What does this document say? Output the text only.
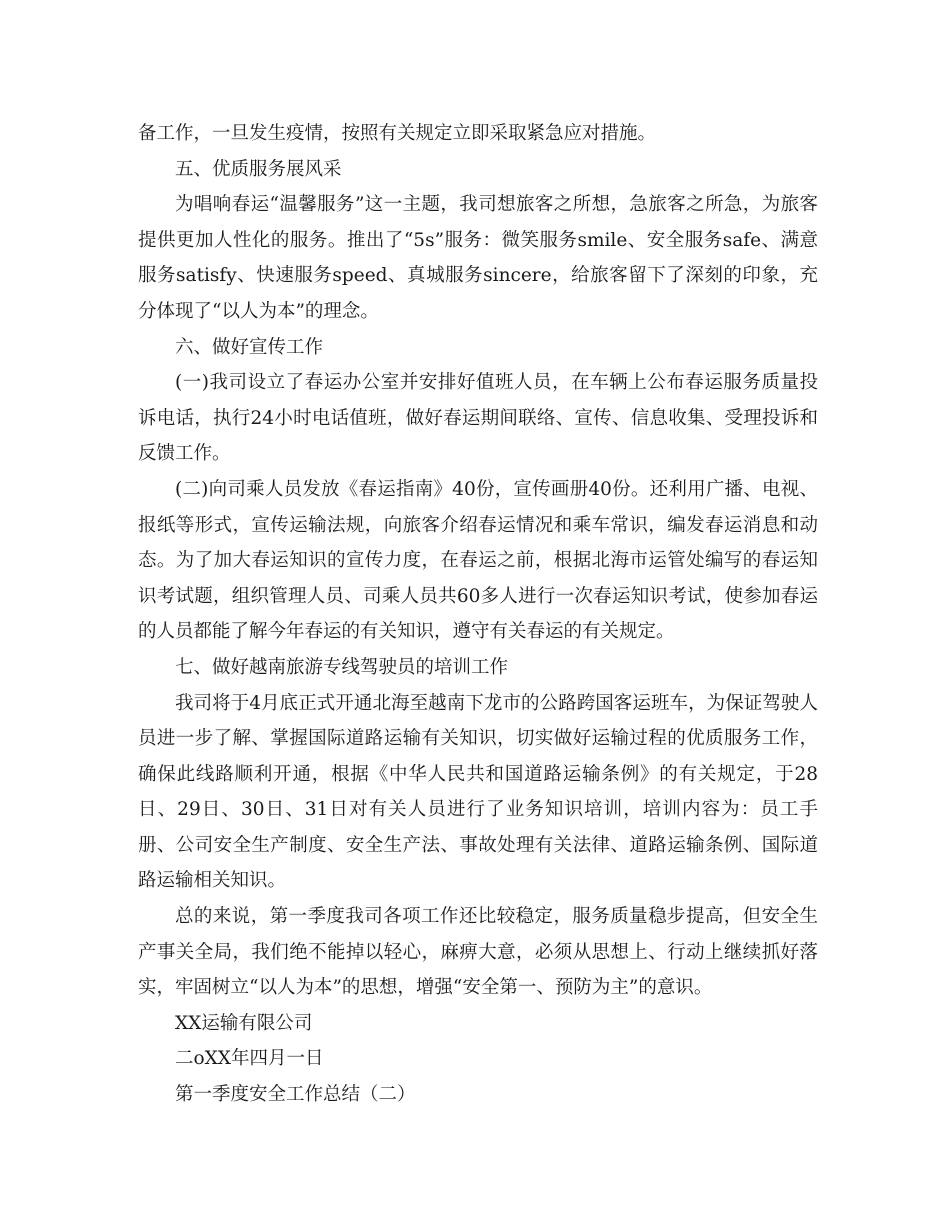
备工作，一旦发生疫情，按照有关规定立即采取紧急应对措施。

五、优质服务展风采

为唱响春运“温馨服务”这一主题，我司想旅客之所想，急旅客之所急，为旅客提供更加人性化的服务。推出了“5s”服务：微笑服务smile、安全服务safe、满意服务satisfy、快速服务speed、真城服务sincere，给旅客留下了深刻的印象，充分体现了“以人为本”的理念。

六、做好宣传工作

(一)我司设立了春运办公室并安排好值班人员，在车辆上公布春运服务质量投诉电话，执行24小时电话值班，做好春运期间联络、宣传、信息收集、受理投诉和反馈工作。

(二)向司乘人员发放《春运指南》40份，宣传画册40份。还利用广播、电视、报纸等形式，宣传运输法规，向旅客介绍春运情况和乘车常识，编发春运消息和动态。为了加大春运知识的宣传力度，在春运之前，根据北海市运管处编写的春运知识考试题，组织管理人员、司乘人员共60多人进行一次春运知识考试，使参加春运的人员都能了解今年春运的有关知识，遵守有关春运的有关规定。

七、做好越南旅游专线驾驶员的培训工作

我司将于4月底正式开通北海至越南下龙市的公路跨国客运班车，为保证驾驶人员进一步了解、掌握国际道路运输有关知识，切实做好运输过程的优质服务工作，确保此线路顺利开通，根据《中华人民共和国道路运输条例》的有关规定，于28日、29日、30日、31日对有关人员进行了业务知识培训，培训内容为：员工手册、公司安全生产制度、安全生产法、事故处理有关法律、道路运输条例、国际道路运输相关知识。

总的来说，第一季度我司各项工作还比较稳定，服务质量稳步提高，但安全生产事关全局，我们绝不能掉以轻心，麻痹大意，必须从思想上、行动上继续抓好落实，牢固树立“以人为本”的思想，增强“安全第一、预防为主”的意识。

XX运输有限公司

二oXX年四月一日

第一季度安全工作总结（二）
